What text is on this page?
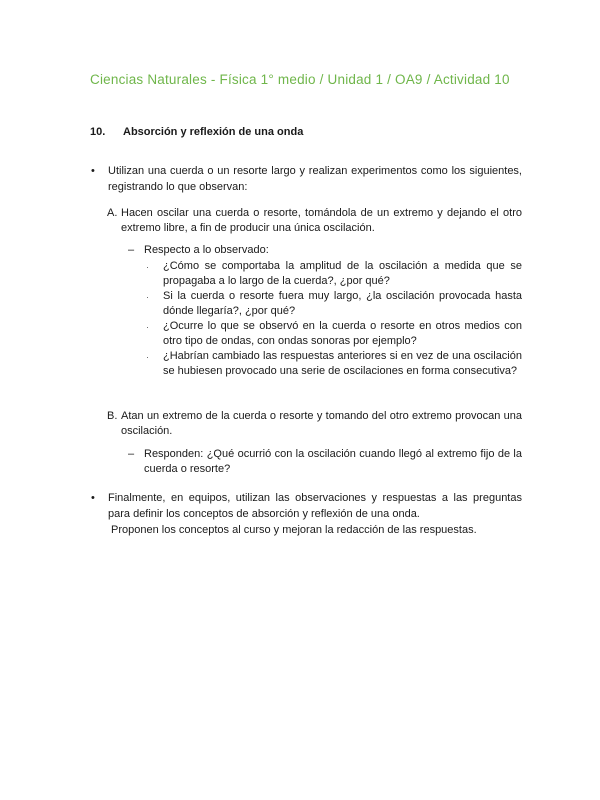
Ciencias Naturales - Física 1° medio / Unidad 1 / OA9 / Actividad 10
10. Absorción y reflexión de una onda
•	Utilizan una cuerda o un resorte largo y realizan experimentos como los siguientes, registrando lo que observan:
A. Hacen oscilar una cuerda o resorte, tomándola de un extremo y dejando el otro extremo libre, a fin de producir una única oscilación.
– Respecto a lo observado:
·	¿Cómo se comportaba la amplitud de la oscilación a medida que se propagaba a lo largo de la cuerda?, ¿por qué?
·	Si la cuerda o resorte fuera muy largo, ¿la oscilación provocada hasta dónde llegaría?, ¿por qué?
·	¿Ocurre lo que se observó en la cuerda o resorte en otros medios con otro tipo de ondas, con ondas sonoras por ejemplo?
·	¿Habrían cambiado las respuestas anteriores si en vez de una oscilación se hubiesen provocado una serie de oscilaciones en forma consecutiva?
B. Atan un extremo de la cuerda o resorte y tomando del otro extremo provocan una oscilación.
– Responden: ¿Qué ocurrió con la oscilación cuando llegó al extremo fijo de la cuerda o resorte?
•	Finalmente, en equipos, utilizan las observaciones y respuestas a las preguntas para definir los conceptos de absorción y reflexión de una onda.
Proponen los conceptos al curso y mejoran la redacción de las respuestas.
